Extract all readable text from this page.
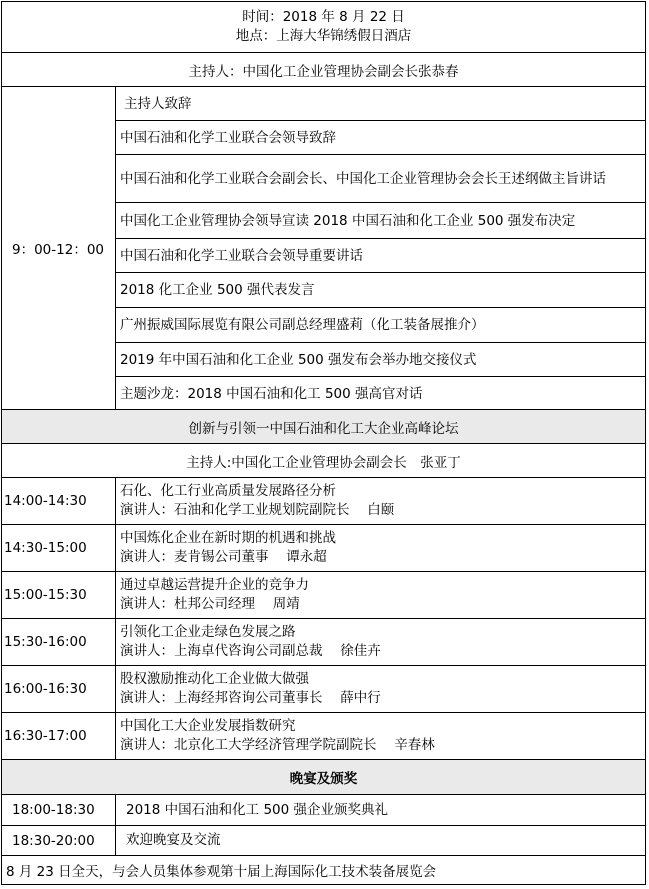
时间：2018 年 8 月 22 日
地点：上海大华锦绣假日酒店
主持人：中国化工企业管理协会副会长张恭春
9：00-12：00
主持人致辞
中国石油和化学工业联合会领导致辞
中国石油和化学工业联合会副会长、中国化工企业管理协会会长王述纲做主旨讲话
中国化工企业管理协会领导宣读 2018 中国石油和化工企业 500 强发布决定
中国石油和化学工业联合会领导重要讲话
2018 化工企业 500 强代表发言
广州振威国际展览有限公司副总经理盛莉（化工装备展推介）
2019 年中国石油和化工企业 500 强发布会举办地交接仪式
主题沙龙：2018 中国石油和化工 500 强高官对话
创新与引领一中国石油和化工大企业高峰论坛
主持人:中国化工企业管理协会副会长　张亚丁
14:00-14:30
石化、化工行业高质量发展路径分析
演讲人：石油和化学工业规划院副院长　 白颐
14:30-15:00
中国炼化企业在新时期的机遇和挑战
演讲人：麦肯锡公司董事　 谭永超
15:00-15:30
通过卓越运营提升企业的竞争力
演讲人：杜邦公司经理　 周靖
15:30-16:00
引领化工企业走绿色发展之路
演讲人：上海卓代咨询公司副总裁　 徐佳卉
16:00-16:30
股权激励推动化工企业做大做强
演讲人：上海经邦咨询公司董事长　 薛中行
16:30-17:00
中国化工大企业发展指数研究
演讲人：北京化工大学经济管理学院副院长　 辛春林
晚宴及颁奖
18:00-18:30	2018 中国石油和化工 500 强企业颁奖典礼
18:30-20:00	欢迎晚宴及交流
8 月 23 日全天，与会人员集体参观第十届上海国际化工技术装备展览会
